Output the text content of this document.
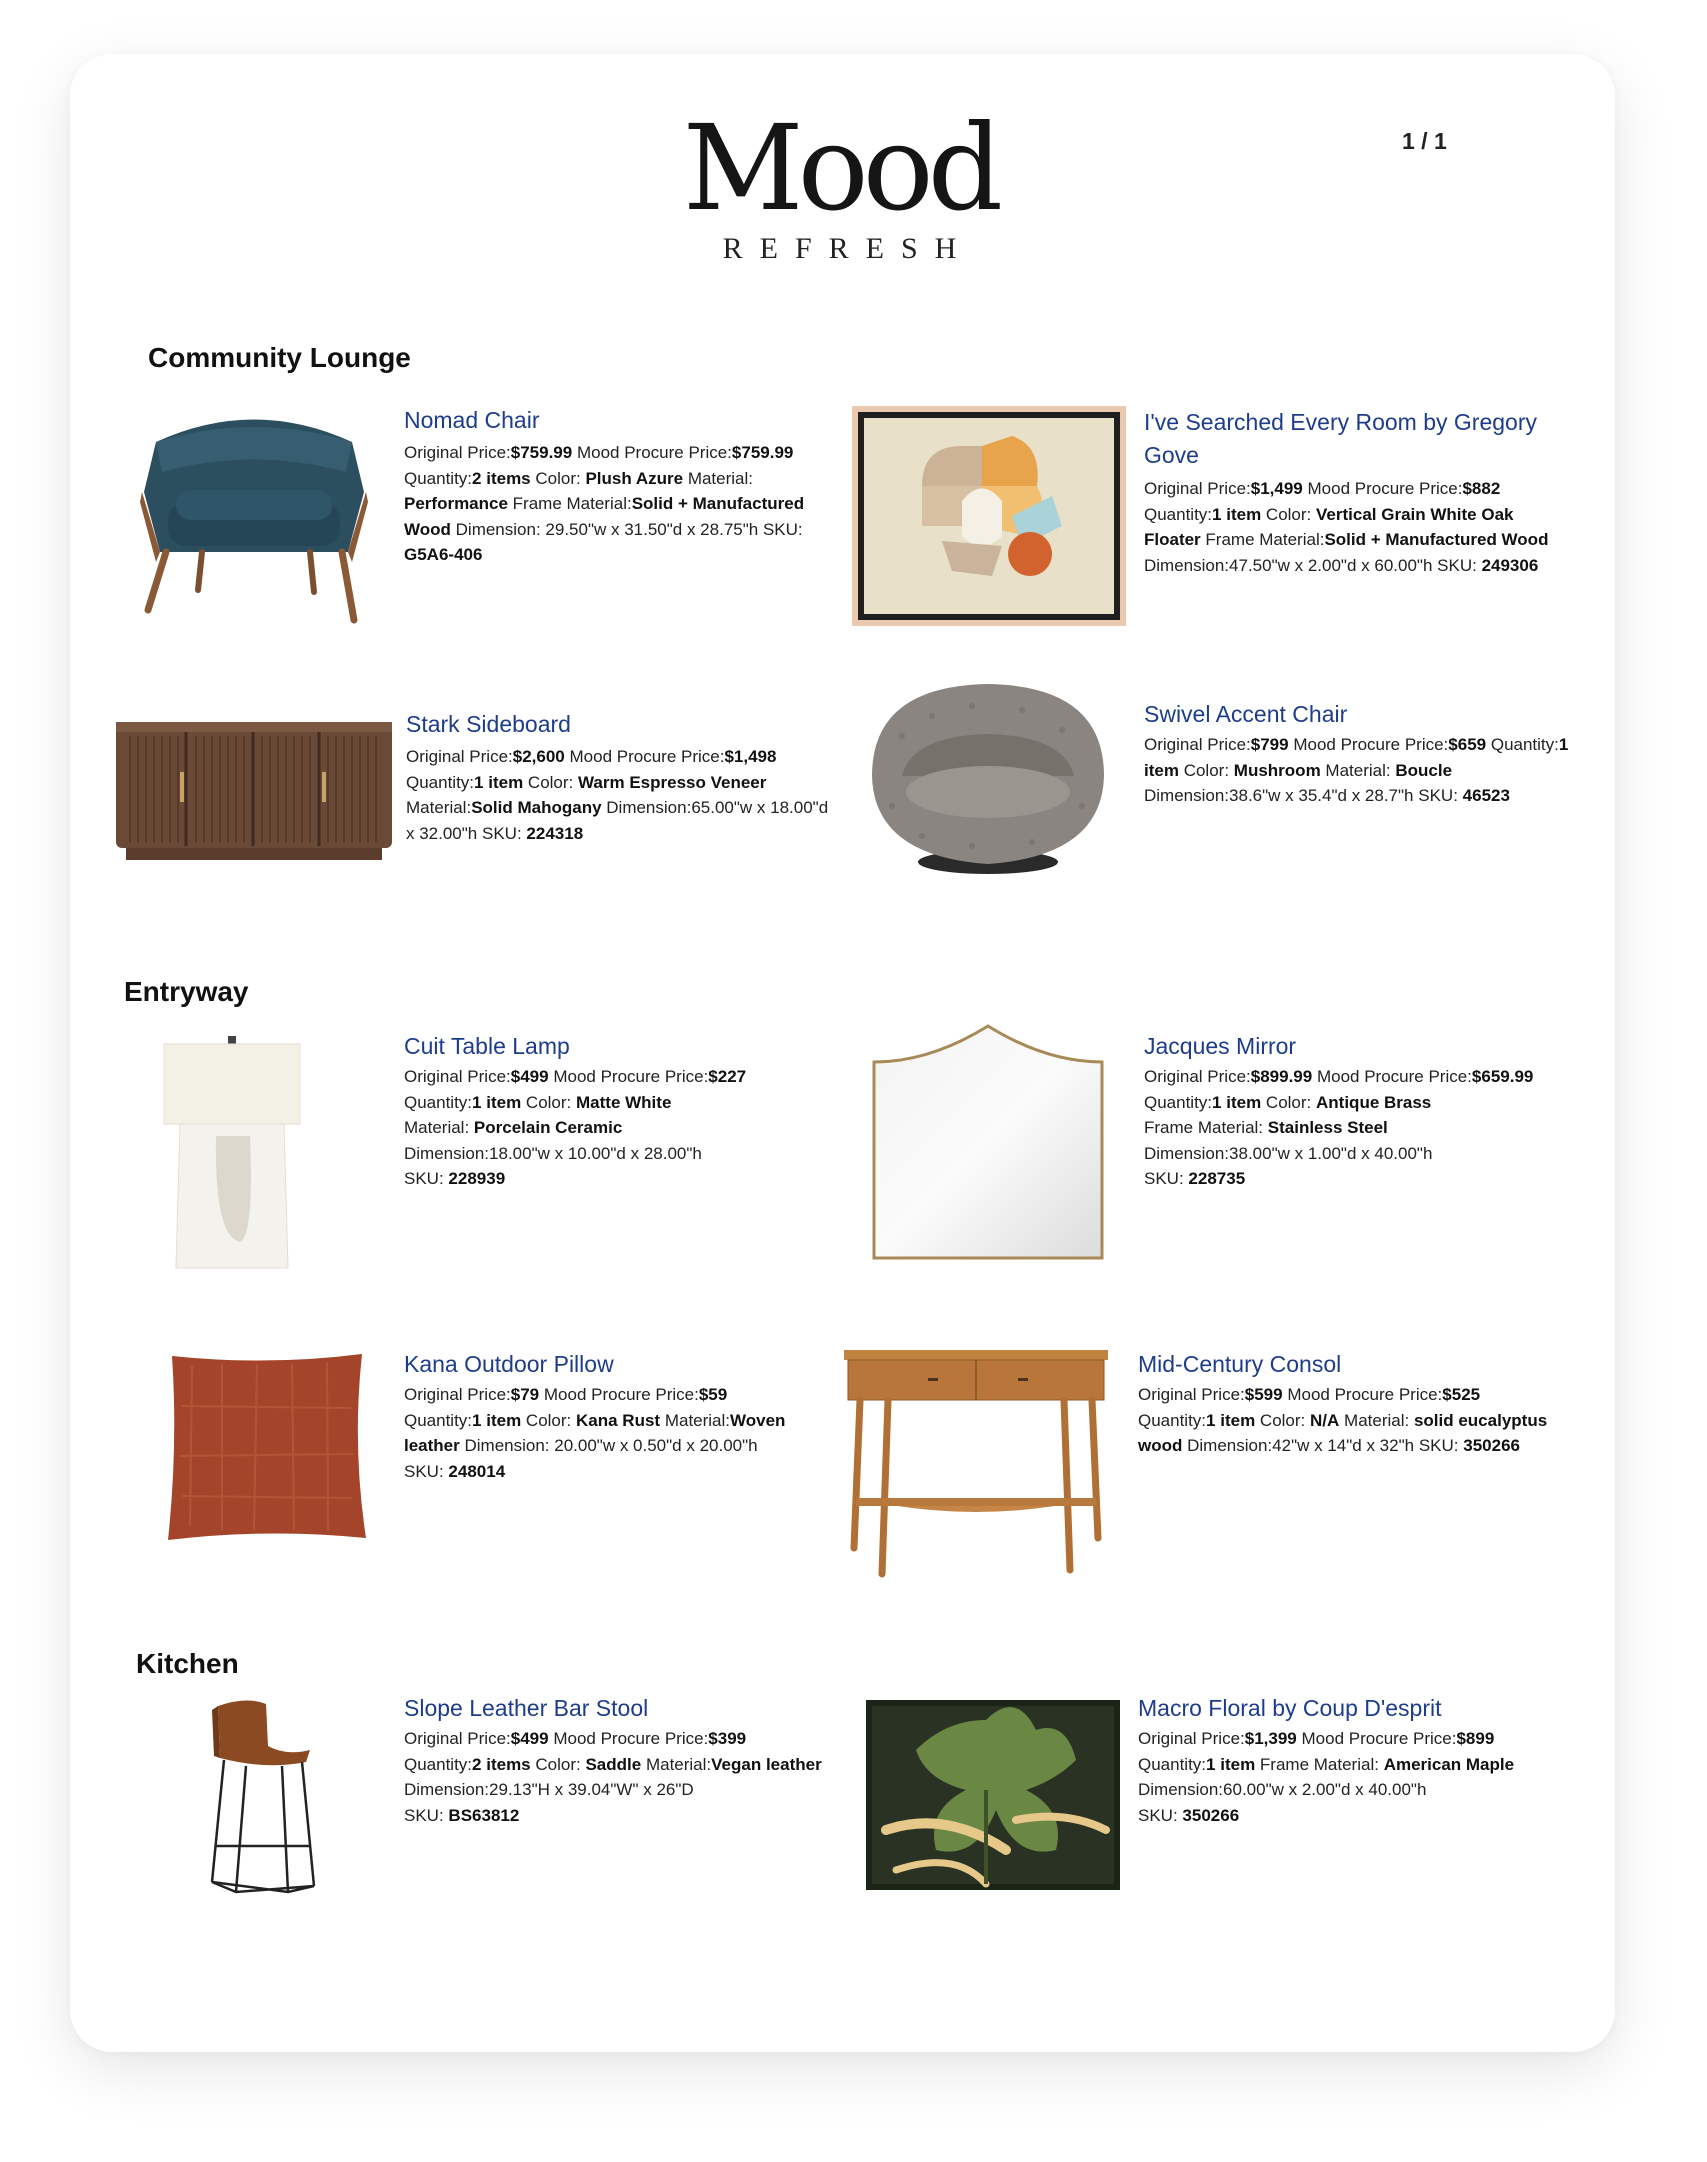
Mood
REFRESH
1 / 1
Community Lounge
Entryway
Kitchen
Nomad Chair
Original Price:$759.99 Mood Procure Price:$759.99 Quantity:2 items Color: Plush Azure Material: Performance Frame Material:Solid + Manufactured Wood Dimension: 29.50"w x 31.50"d x 28.75"h SKU: G5A6-406
I've Searched Every Room by Gregory Gove
Original Price:$1,499 Mood Procure Price:$882 Quantity:1 item Color: Vertical Grain White Oak Floater Frame Material:Solid + Manufactured Wood Dimension:47.50"w x 2.00"d x 60.00"h SKU: 249306
Stark Sideboard
Original Price:$2,600 Mood Procure Price:$1,498 Quantity:1 item Color: Warm Espresso Veneer Material:Solid Mahogany Dimension:65.00"w x 18.00"d x 32.00"h SKU: 224318
Swivel Accent Chair
Original Price:$799 Mood Procure Price:$659 Quantity:1 item Color: Mushroom Material: Boucle Dimension:38.6"w x 35.4"d x 28.7"h SKU: 46523
Cuit Table Lamp
Original Price:$499 Mood Procure Price:$227
Quantity:1 item Color: Matte White
Material: Porcelain Ceramic
Dimension:18.00"w x 10.00"d x 28.00"h
SKU: 228939
Jacques Mirror
Original Price:$899.99 Mood Procure Price:$659.99
Quantity:1 item Color: Antique Brass
Frame Material: Stainless Steel
Dimension:38.00"w x 1.00"d x 40.00"h
SKU: 228735
Kana Outdoor Pillow
Original Price:$79 Mood Procure Price:$59
Quantity:1 item Color: Kana Rust Material:Woven leather Dimension: 20.00"w x 0.50"d x 20.00"h
SKU: 248014
Mid-Century Consol
Original Price:$599 Mood Procure Price:$525
Quantity:1 item Color: N/A Material: solid eucalyptus wood Dimension:42"w x 14"d x 32"h SKU: 350266
Slope Leather Bar Stool
Original Price:$499 Mood Procure Price:$399
Quantity:2 items Color: Saddle Material:Vegan leather Dimension:29.13"H x 39.04"W" x 26"D
SKU: BS63812
Macro Floral by Coup D'esprit
Original Price:$1,399 Mood Procure Price:$899
Quantity:1 item Frame Material: American Maple
Dimension:60.00"w x 2.00"d x 40.00"h
SKU: 350266
